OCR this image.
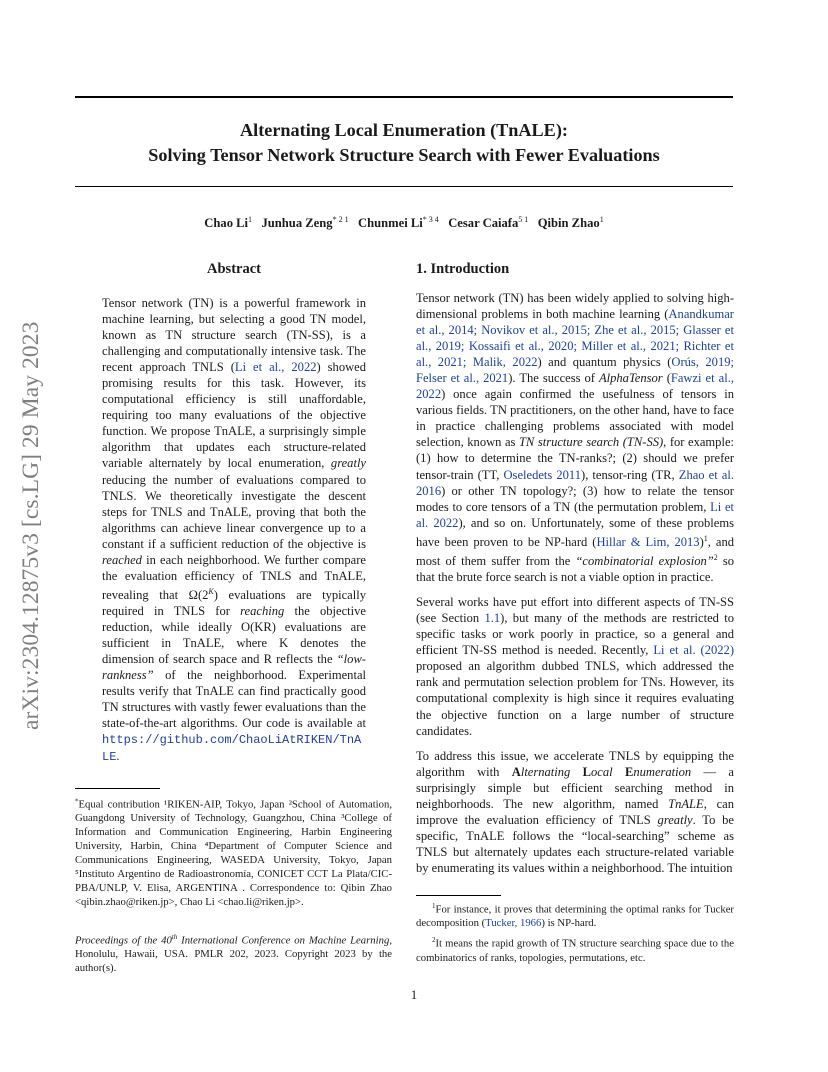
Alternating Local Enumeration (TnALE):
Solving Tensor Network Structure Search with Fewer Evaluations
Chao Li$^1$ Junhua Zeng$^{* 2 1}$ Chunmei $Li^{* 3 4}$ Cesar Caiafa$^{5 1}$ Qibin Zhao$^1$
arXiv:2304.12875v3 [cs.LG] 29 May 2023
Abstract
Tensor network (TN) is a powerful framework in machine learning, but selecting a good TN model, known as TN structure search (TN-SS), is a challenging and computationally intensive task. The recent approach TNLS (Li et al., 2022) showed promising results for this task. However, its computational efficiency is still unaffordable, requiring too many evaluations of the objective function. We propose TnALE, a surprisingly simple algorithm that updates each structure-related variable alternately by local enumeration, greatly reducing the number of evaluations compared to TNLS. We theoretically investigate the descent steps for TNLS and TnALE, proving that both the algorithms can achieve linear convergence up to a constant if a sufficient reduction of the objective is reached in each neighborhood. We further compare the evaluation efficiency of TNLS and TnALE, revealing that $\Omega(2^K)$ evaluations are typically required in TNLS for reaching the objective reduction, while ideally O(KR) evaluations are sufficient in TnALE, where K denotes the dimension of search space and R reflects the “low-rankness” of the neighborhood. Experimental results verify that TnALE can find practically good TN structures with vastly fewer evaluations than the state-of-the-art algorithms. Our code is available at https://github.com/ChaoLiAtRIKEN/TnALE.
*Equal contribution ¹RIKEN-AIP, Tokyo, Japan ²School of Automation, Guangdong University of Technology, Guangzhou, China ³College of Information and Communication Engineering, Harbin Engineering University, Harbin, China ⁴Department of Computer Science and Communications Engineering, WASEDA University, Tokyo, Japan ⁵Instituto Argentino de Radioastronomía, CONICET CCT La Plata/CIC-PBA/UNLP, V. Elisa, ARGENTINA . Correspondence to: Qibin Zhao <qibin.zhao@riken.jp>, Chao Li <chao.li@riken.jp>.
Proceedings of the 40th International Conference on Machine Learning, Honolulu, Hawaii, USA. PMLR 202, 2023. Copyright 2023 by the author(s).
1. Introduction

Tensor network (TN) has been widely applied to solving high-dimensional problems in both machine learning (Anandkumar et al., 2014; Novikov et al., 2015; Zhe et al., 2015; Glasser et al., 2019; Kossaifi et al., 2020; Miller et al., 2021; Richter et al., 2021; Malik, 2022) and quantum physics (Orús, 2019; Felser et al., 2021). The success of AlphaTensor (Fawzi et al., 2022) once again confirmed the usefulness of tensors in various fields. TN practitioners, on the other hand, have to face in practice challenging problems associated with model selection, known as TN structure search (TN-SS), for example: (1) how to determine the TN-ranks?; (2) should we prefer tensor-train (TT, Oseledets 2011), tensor-ring (TR, Zhao et al. 2016) or other TN topology?; (3) how to relate the tensor modes to core tensors of a TN (the permutation problem, Li et al. 2022), and so on. Unfortunately, some of these problems have been proven to be NP-hard (Hillar & Lim, 2013)$^1$, and most of them suffer from the “combinatorial explosion”$^2$ so that the brute force search is not a viable option in practice.

Several works have put effort into different aspects of TN-SS (see Section 1.1), but many of the methods are restricted to specific tasks or work poorly in practice, so a general and efficient TN-SS method is needed. Recently, Li et al. (2022) proposed an algorithm dubbed TNLS, which addressed the rank and permutation selection problem for TNs. However, its computational complexity is high since it requires evaluating the objective function on a large number of structure candidates.

To address this issue, we accelerate TNLS by equipping the algorithm with Alternating Local Enumeration — a surprisingly simple but efficient searching method in neighborhoods. The new algorithm, named TnALE, can improve the evaluation efficiency of TNLS greatly. To be specific, TnALE follows the “local-searching” scheme as TNLS but alternately updates each structure-related variable by enumerating its values within a neighborhood. The intuition

$^1$For instance, it proves that determining the optimal ranks for Tucker decomposition (Tucker, 1966) is NP-hard.
$^2$It means the rapid growth of TN structure searching space due to the combinatorics of ranks, topologies, permutations, etc.
1
